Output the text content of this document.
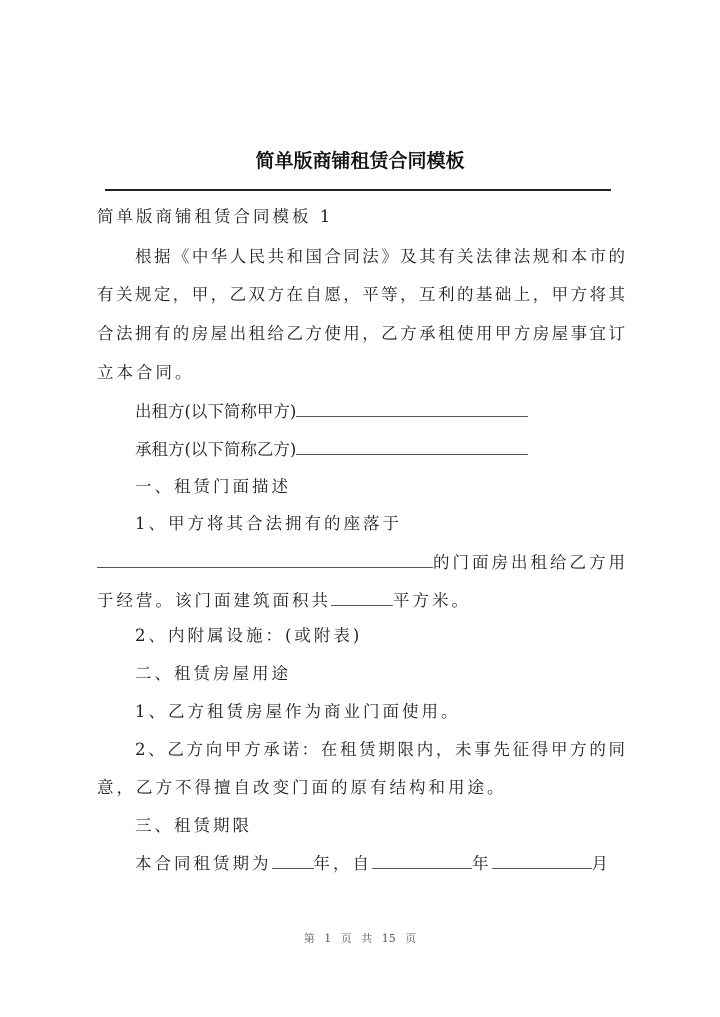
简单版商铺租赁合同模板
简单版商铺租赁合同模板 1
根据《中华人民共和国合同法》及其有关法律法规和本市的
有关规定，甲，乙双方在自愿，平等，互利的基础上，甲方将其
合法拥有的房屋出租给乙方使用，乙方承租使用甲方房屋事宜订
立本合同。
出租方(以下简称甲方)
承租方(以下简称乙方)
一、租赁门面描述
1、甲方将其合法拥有的座落于
的门面房出租给乙方用
于经营。该门面建筑面积共	平方米。
2、内附属设施：(或附表)
二、租赁房屋用途
1、乙方租赁房屋作为商业门面使用。
2、乙方向甲方承诺：在租赁期限内，未事先征得甲方的同
意，乙方不得擅自改变门面的原有结构和用途。
三、租赁期限
本合同租赁期为	年，自	年	月
第 1 页 共 15 页
